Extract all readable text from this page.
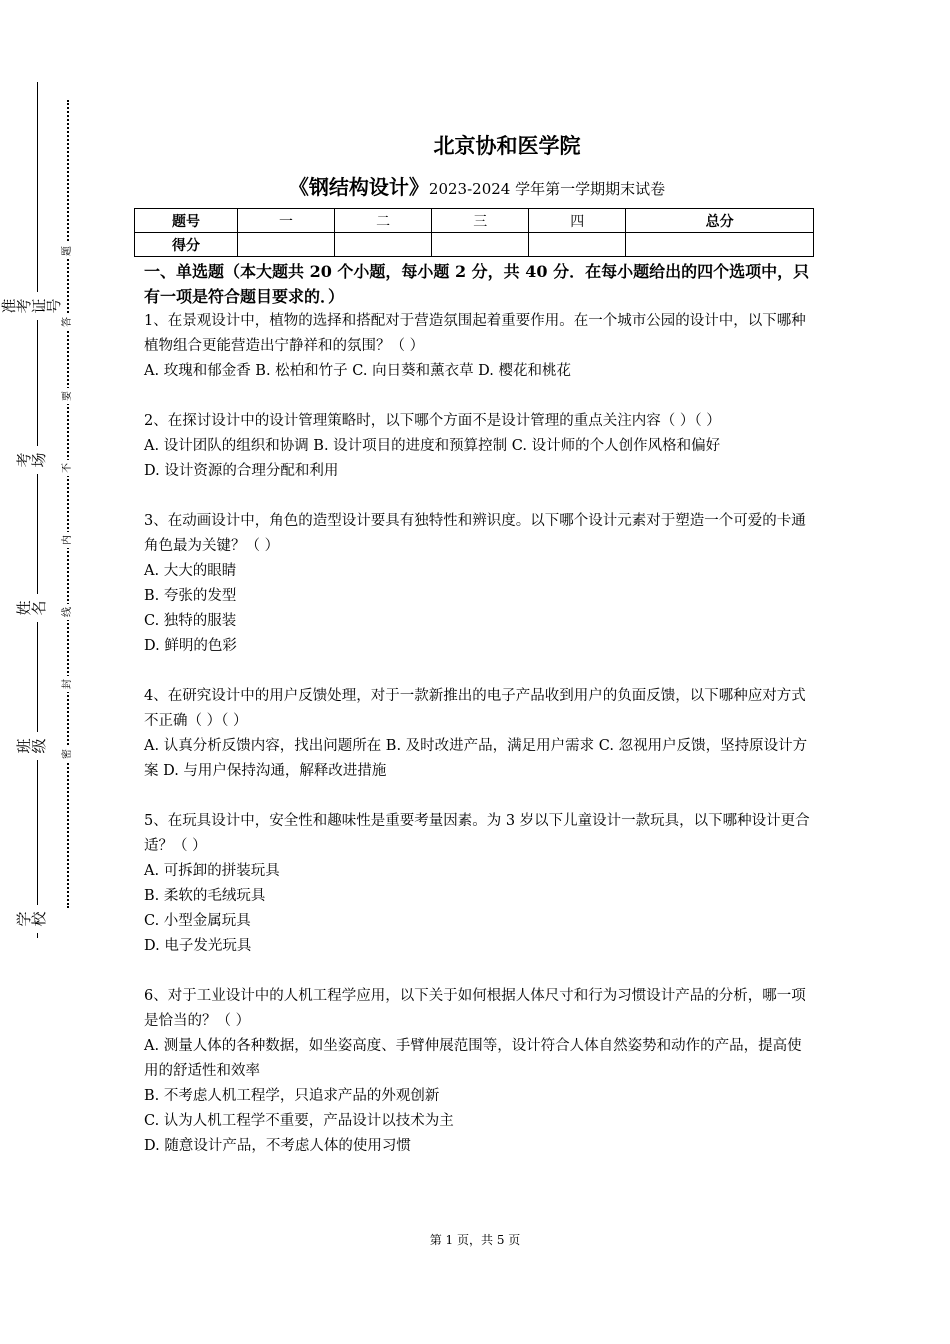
准考证号
考场
姓名
班级
学校
题
答
要
不
内
线
封
密
北京协和医学院
《钢结构设计》2023-2024 学年第一学期期末试卷
题号	一	二	三	四	总分
得分					
一、单选题（本大题共 20 个小题，每小题 2 分，共 40 分．在每小题给出的四个选项中，只有一项是符合题目要求的．）

1、在景观设计中，植物的选择和搭配对于营造氛围起着重要作用。在一个城市公园的设计中，以下哪种植物组合更能营造出宁静祥和的氛围？（ ）

A. 玫瑰和郁金香 B. 松柏和竹子 C. 向日葵和薰衣草 D. 樱花和桃花

2、在探讨设计中的设计管理策略时，以下哪个方面不是设计管理的重点关注内容（ ）（ ）

A. 设计团队的组织和协调 B. 设计项目的进度和预算控制 C. 设计师的个人创作风格和偏好

D. 设计资源的合理分配和利用

3、在动画设计中，角色的造型设计要具有独特性和辨识度。以下哪个设计元素对于塑造一个可爱的卡通角色最为关键？（ ）

A. 大大的眼睛

B. 夸张的发型

C. 独特的服装

D. 鲜明的色彩

4、在研究设计中的用户反馈处理，对于一款新推出的电子产品收到用户的负面反馈，以下哪种应对方式不正确（ ）（ ）

A. 认真分析反馈内容，找出问题所在 B. 及时改进产品，满足用户需求 C. 忽视用户反馈，坚持原设计方案 D. 与用户保持沟通，解释改进措施

5、在玩具设计中，安全性和趣味性是重要考量因素。为 3 岁以下儿童设计一款玩具，以下哪种设计更合适？（ ）

A. 可拆卸的拼装玩具

B. 柔软的毛绒玩具

C. 小型金属玩具

D. 电子发光玩具

6、对于工业设计中的人机工程学应用，以下关于如何根据人体尺寸和行为习惯设计产品的分析，哪一项是恰当的？（ ）

A. 测量人体的各种数据，如坐姿高度、手臂伸展范围等，设计符合人体自然姿势和动作的产品，提高使用的舒适性和效率

B. 不考虑人机工程学，只追求产品的外观创新

C. 认为人机工程学不重要，产品设计以技术为主

D. 随意设计产品，不考虑人体的使用习惯

第 1 页，共 5 页
